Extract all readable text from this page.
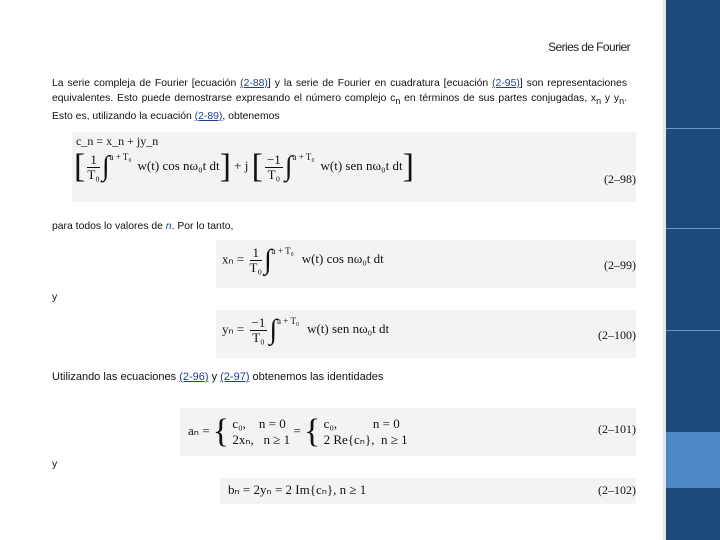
Series de Fourier
La serie compleja de Fourier [ecuación (2-88)] y la serie de Fourier en cuadratura [ecuación (2-95)] son representaciones equivalentes. Esto puede demostrarse expresando el número complejo $c_n$ en términos de sus partes conjugadas, $x_n$ y $y_n$. Esto es, utilizando la ecuación (2-89), obtenemos
c_n = x_n + jy_n
[ $\frac{1}{\text{T₀}} \int^{a + T_0}w(t)$ cos nω₀t dt] + j [ $\frac{-1}{\text{T₀}} \int^{a + T_0}w(t)$ sen nω₀t dt]	(2–98)
para todos lo valores de n. Por lo tanto,
$x_n = \frac{1}{\text{T₀}} \int^{a + T_0}w(t)$ cos nω₀t dt	(2–99)
y
$y_n = \frac{-1}{\text{T₀}} \int^{a + T_0}w(t)$ sen nω₀t dt	(2–100)
Utilizando las ecuaciones (2-96) y (2-97) obtenemos las identidades
aₙ = { c₀, n = 0
2xₙ, n ≥ 1 = { c₀,	n = 0
2 Re{cₙ}, n ≥ 1
(2–101)
y
bₙ = 2yₙ = 2 Im{cₙ}, n ≥ 1	(2–102)
